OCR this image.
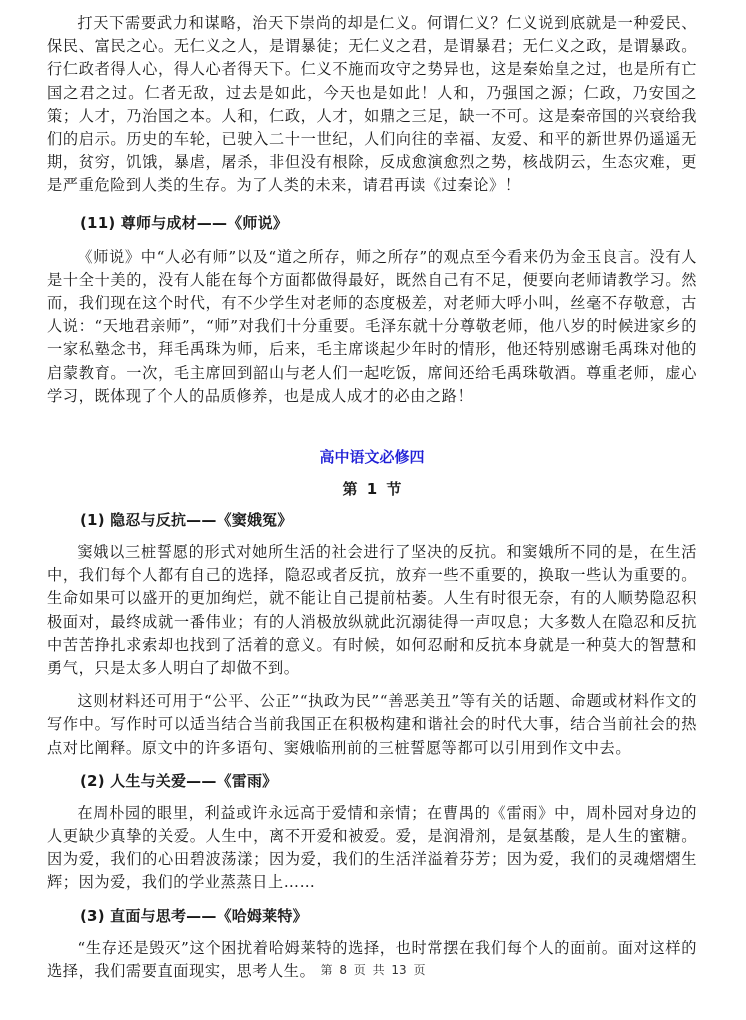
打天下需要武力和谋略，治天下崇尚的却是仁义。何谓仁义？仁义说到底就是一种爱民、保民、富民之心。无仁义之人，是谓暴徒；无仁义之君，是谓暴君；无仁义之政，是谓暴政。行仁政者得人心，得人心者得天下。仁义不施而攻守之势异也，这是秦始皇之过，也是所有亡国之君之过。仁者无敌，过去是如此，今天也是如此！人和，乃强国之源；仁政，乃安国之策；人才，乃治国之本。人和，仁政，人才，如鼎之三足，缺一不可。这是秦帝国的兴衰给我们的启示。历史的车轮，已驶入二十一世纪，人们向往的幸福、友爱、和平的新世界仍遥遥无期，贫穷，饥饿，暴虐，屠杀，非但没有根除，反成愈演愈烈之势，核战阴云，生态灾难，更是严重危险到人类的生存。为了人类的未来，请君再读《过秦论》！

(11) 尊师与成材——《师说》

《师说》中“人必有师”以及“道之所存，师之所存”的观点至今看来仍为金玉良言。没有人是十全十美的，没有人能在每个方面都做得最好，既然自己有不足，便要向老师请教学习。然而，我们现在这个时代，有不少学生对老师的态度极差，对老师大呼小叫，丝毫不存敬意，古人说：“天地君亲师”，“师”对我们十分重要。毛泽东就十分尊敬老师，他八岁的时候进家乡的一家私塾念书，拜毛禹珠为师，后来，毛主席谈起少年时的情形，他还特别感谢毛禹珠对他的启蒙教育。一次，毛主席回到韶山与老人们一起吃饭，席间还给毛禹珠敬酒。尊重老师，虚心学习，既体现了个人的品质修养，也是成人成才的必由之路！

高中语文必修四

第 1 节

(1) 隐忍与反抗——《窦娥冤》

窦娥以三桩誓愿的形式对她所生活的社会进行了坚决的反抗。和窦娥所不同的是，在生活中，我们每个人都有自己的选择，隐忍或者反抗，放弃一些不重要的，换取一些认为重要的。生命如果可以盛开的更加绚烂，就不能让自己提前枯萎。人生有时很无奈，有的人顺势隐忍积极面对，最终成就一番伟业；有的人消极放纵就此沉溺徒得一声叹息；大多数人在隐忍和反抗中苦苦挣扎求索却也找到了活着的意义。有时候，如何忍耐和反抗本身就是一种莫大的智慧和勇气，只是太多人明白了却做不到。

这则材料还可用于“公平、公正”“执政为民”“善恶美丑”等有关的话题、命题或材料作文的写作中。写作时可以适当结合当前我国正在积极构建和谐社会的时代大事，结合当前社会的热点对比阐释。原文中的许多语句、窦娥临刑前的三桩誓愿等都可以引用到作文中去。

(2) 人生与关爱——《雷雨》

在周朴园的眼里，利益或许永远高于爱情和亲情；在曹禺的《雷雨》中，周朴园对身边的人更缺少真挚的关爱。人生中，离不开爱和被爱。爱，是润滑剂，是氨基酸，是人生的蜜糖。因为爱，我们的心田碧波荡漾；因为爱，我们的生活洋溢着芬芳；因为爱，我们的灵魂熠熠生辉；因为爱，我们的学业蒸蒸日上……

(3) 直面与思考——《哈姆莱特》

“生存还是毁灭”这个困扰着哈姆莱特的选择，也时常摆在我们每个人的面前。面对这样的选择，我们需要直面现实，思考人生。 第 8 页 共 13 页
